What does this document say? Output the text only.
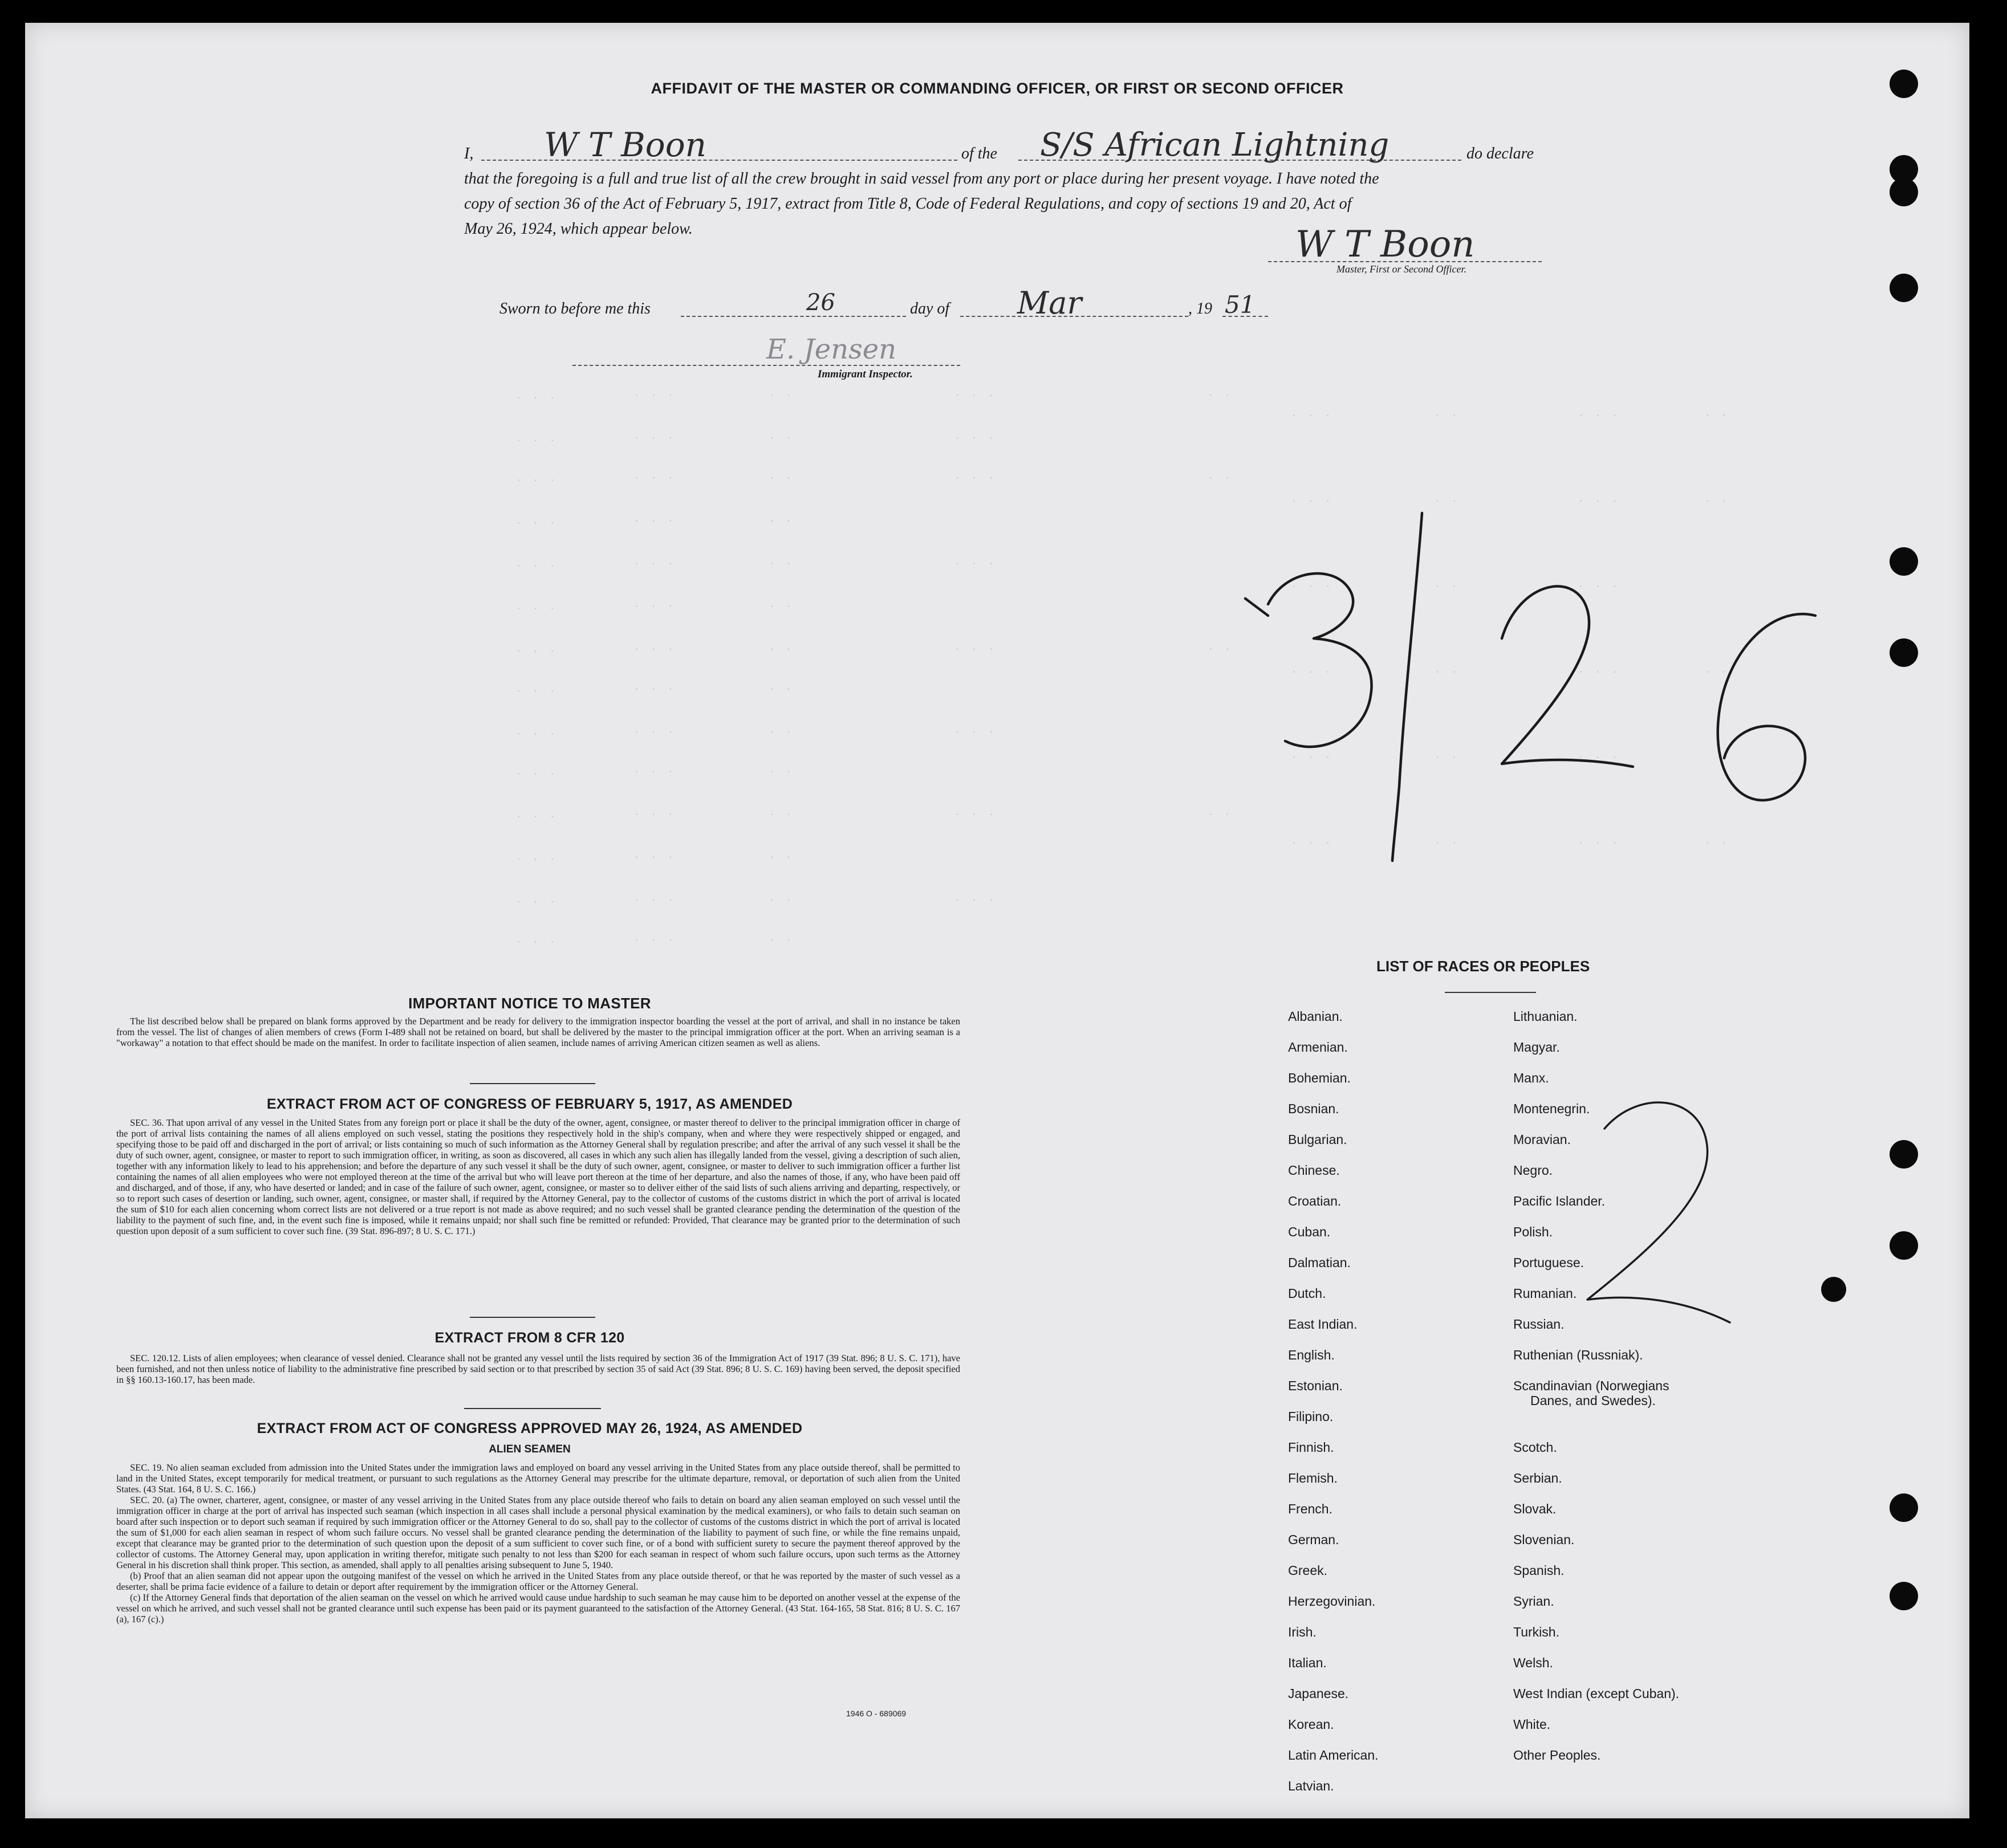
. . .         · · ·           · ·                   · · ·                         · ·
. . .         · · ·           · ·                   · · ·
. . .         · · ·           · ·                   · · ·                         · ·
. . .         · · ·           · ·
. . .         · · ·           · ·                   · · ·
. . .         · · ·           · ·
. . .         · · ·           · ·                   · · ·                         · ·
. . .         · · ·           · ·
. . .         · · ·           · ·                   · · ·
. . .         · · ·           · ·
. . .         · · ·           · ·                   · · ·                         · ·
. . .         · · ·           · ·
. . .         · · ·           · ·                   · · ·
. . .         · · ·           · ·
· · ·            · ·              · · ·          · ·
· · ·            · ·              · · ·          · ·
· · ·            · ·              · · ·
· · ·            · ·              · · ·          · ·
· · ·            · ·              · · ·
· · ·            · ·              · · ·          · ·
AFFIDAVIT OF THE MASTER OR COMMANDING OFFICER, OR FIRST OR SECOND OFFICER
I, W T Boon	of the S/S African Lightning	do declare
that the foregoing is a full and true list of all the crew brought in said vessel from any port or place during her present voyage. I have noted the
copy of section 36 of the Act of February 5, 1917, extract from Title 8, Code of Federal Regulations, and copy of sections 19 and 20, Act of
May 26, 1924, which appear below.	W T Boon
Master, First or Second Officer.
Sworn to before me this	26	day of Mar	, 19 51
E. Jensen
Immigrant Inspector.
3/26
2
IMPORTANT NOTICE TO MASTER

The list described below shall be prepared on blank forms approved by the Department and be ready for delivery to the immigration inspector boarding the vessel at the port of arrival, and shall in no instance be taken from the vessel. The list of changes of alien members of crews (Form I-489 shall not be retained on board, but shall be delivered by the master to the principal immigration officer at the port. When an arriving seaman is a "workaway" a notation to that effect should be made on the manifest. In order to facilitate inspection of alien seamen, include names of arriving American citizen seamen as well as aliens.

EXTRACT FROM ACT OF CONGRESS OF FEBRUARY 5, 1917, AS AMENDED

SEC. 36. That upon arrival of any vessel in the United States from any foreign port or place it shall be the duty of the owner, agent, consignee, or master thereof to deliver to the principal immigration officer in charge of the port of arrival lists containing the names of all aliens employed on such vessel, stating the positions they respectively hold in the ship's company, when and where they were respectively shipped or engaged, and specifying those to be paid off and discharged in the port of arrival; or lists containing so much of such information as the Attorney General shall by regulation prescribe; and after the arrival of any such vessel it shall be the duty of such owner, agent, consignee, or master to report to such immigration officer, in writing, as soon as discovered, all cases in which any such alien has illegally landed from the vessel, giving a description of such alien, together with any information likely to lead to his apprehension; and before the departure of any such vessel it shall be the duty of such owner, agent, consignee, or master to deliver to such immigration officer a further list containing the names of all alien employees who were not employed thereon at the time of the arrival but who will leave port thereon at the time of her departure, and also the names of those, if any, who have been paid off and discharged, and of those, if any, who have deserted or landed; and in case of the failure of such owner, agent, consignee, or master so to deliver either of the said lists of such aliens arriving and departing, respectively, or so to report such cases of desertion or landing, such owner, agent, consignee, or master shall, if required by the Attorney General, pay to the collector of customs of the customs district in which the port of arrival is located the sum of $10 for each alien concerning whom correct lists are not delivered or a true report is not made as above required; and no such vessel shall be granted clearance pending the determination of the question of the liability to the payment of such fine, and, in the event such fine is imposed, while it remains unpaid; nor shall such fine be remitted or refunded: Provided, That clearance may be granted prior to the determination of such question upon deposit of a sum sufficient to cover such fine. (39 Stat. 896-897; 8 U. S. C. 171.)

EXTRACT FROM 8 CFR 120

SEC. 120.12. Lists of alien employees; when clearance of vessel denied. Clearance shall not be granted any vessel until the lists required by section 36 of the Immigration Act of 1917 (39 Stat. 896; 8 U. S. C. 171), have been furnished, and not then unless notice of liability to the administrative fine prescribed by said section or to that prescribed by section 35 of said Act (39 Stat. 896; 8 U. S. C. 169) having been served, the deposit specified in §§ 160.13-160.17, has been made.

EXTRACT FROM ACT OF CONGRESS APPROVED MAY 26, 1924, AS AMENDED
ALIEN SEAMEN

SEC. 19. No alien seaman excluded from admission into the United States under the immigration laws and employed on board any vessel arriving in the United States from any place outside thereof, shall be permitted to land in the United States, except temporarily for medical treatment, or pursuant to such regulations as the Attorney General may prescribe for the ultimate departure, removal, or deportation of such alien from the United States. (43 Stat. 164, 8 U. S. C. 166.)

SEC. 20. (a) The owner, charterer, agent, consignee, or master of any vessel arriving in the United States from any place outside thereof who fails to detain on board any alien seaman employed on such vessel until the immigration officer in charge at the port of arrival has inspected such seaman (which inspection in all cases shall include a personal physical examination by the medical examiners), or who fails to detain such seaman on board after such inspection or to deport such seaman if required by such immigration officer or the Attorney General to do so, shall pay to the collector of customs of the customs district in which the port of arrival is located the sum of $1,000 for each alien seaman in respect of whom such failure occurs. No vessel shall be granted clearance pending the determination of the liability to payment of such fine, or while the fine remains unpaid, except that clearance may be granted prior to the determination of such question upon the deposit of a sum sufficient to cover such fine, or of a bond with sufficient surety to secure the payment thereof approved by the collector of customs. The Attorney General may, upon application in writing therefor, mitigate such penalty to not less than $200 for each seaman in respect of whom such failure occurs, upon such terms as the Attorney General in his discretion shall think proper. This section, as amended, shall apply to all penalties arising subsequent to June 5, 1940.

(b) Proof that an alien seaman did not appear upon the outgoing manifest of the vessel on which he arrived in the United States from any place outside thereof, or that he was reported by the master of such vessel as a deserter, shall be prima facie evidence of a failure to detain or deport after requirement by the immigration officer or the Attorney General.

(c) If the Attorney General finds that deportation of the alien seaman on the vessel on which he arrived would cause undue hardship to such seaman he may cause him to be deported on another vessel at the expense of the vessel on which he arrived, and such vessel shall not be granted clearance until such expense has been paid or its payment guaranteed to the satisfaction of the Attorney General. (43 Stat. 164-165, 58 Stat. 816; 8 U. S. C. 167 (a), 167 (c).)

1946 O - 689069
LIST OF RACES OR PEOPLES
Albanian.
Armenian.
Bohemian.
Bosnian.
Bulgarian.
Chinese.
Croatian.
Cuban.
Dalmatian.
Dutch.
East Indian.
English.
Estonian.
Filipino.
Finnish.
Flemish.
French.
German.
Greek.
Herzegovinian.
Irish.
Italian.
Japanese.
Korean.
Latin American.
Latvian.
Lithuanian.
Magyar.
Manx.
Montenegrin.
Moravian.
Negro.
Pacific Islander.
Polish.
Portuguese.
Rumanian.
Russian.
Ruthenian (Russniak).
Scandinavian (Norwegians
Danes, and Swedes).
Scotch.
Serbian.
Slovak.
Slovenian.
Spanish.
Syrian.
Turkish.
Welsh.
West Indian (except Cuban).
White.
Other Peoples.
